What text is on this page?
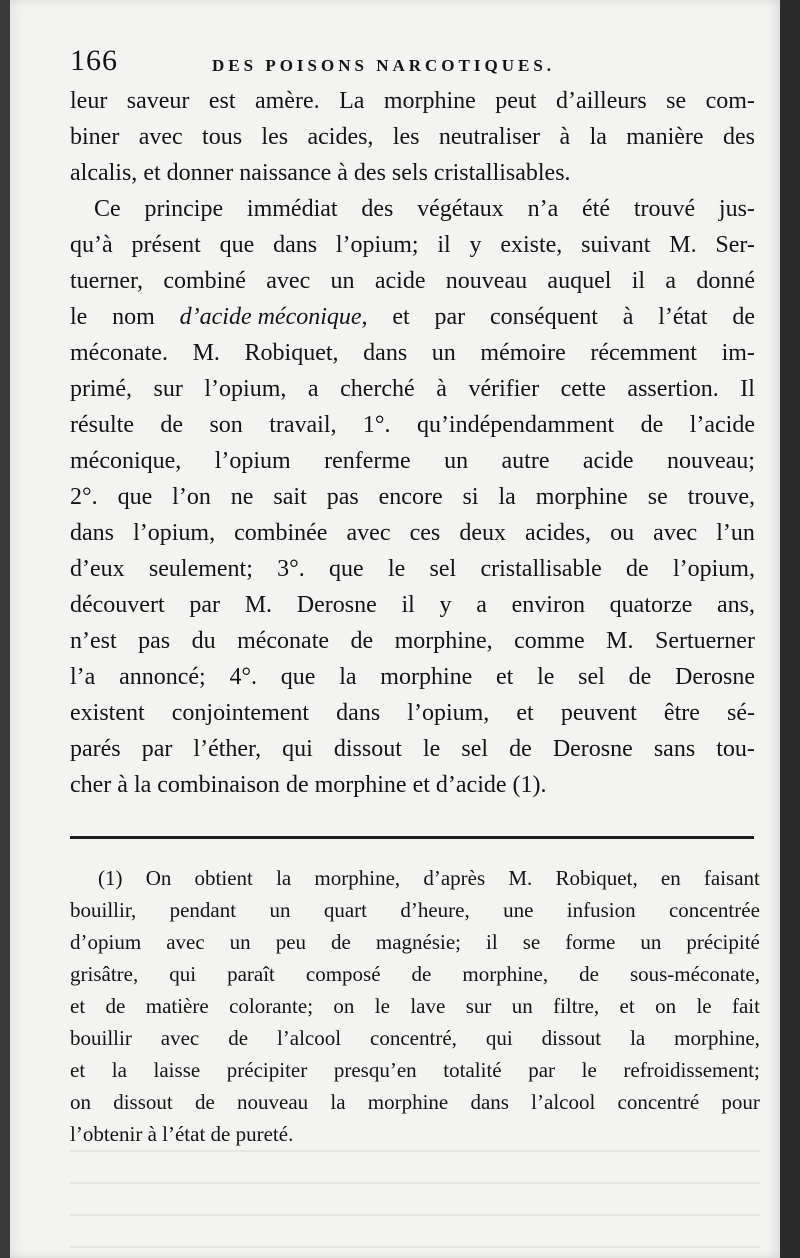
166	DES POISONS NARCOTIQUES.
leur saveur est amère. La morphine peut d’ailleurs se com-
biner avec tous les acides, les neutraliser à la manière des
alcalis,
et
donner
naissance
à
des
sels
cristallisables.
Ce principe immédiat des végétaux n’a été trouvé jus-
qu’à présent que dans l’opium; il y existe, suivant M. Ser-
tuerner, combiné avec un acide nouveau auquel il a donné
le nom d’acide méconique, et par conséquent à l’état de
méconate. M. Robiquet, dans un mémoire récemment im-
primé, sur l’opium, a cherché à vérifier cette assertion. Il
résulte de son travail, 1°. qu’indépendamment de l’acide
méconique, l’opium renferme un autre acide nouveau;
2°. que l’on ne sait pas encore si la morphine se trouve,
dans l’opium, combinée avec ces deux acides, ou avec l’un
d’eux seulement; 3°. que le sel cristallisable de l’opium,
découvert par M. Derosne il y a environ quatorze ans,
n’est pas du méconate de morphine, comme M. Sertuerner
l’a annoncé; 4°. que la morphine et le sel de Derosne
existent conjointement dans l’opium, et peuvent être sé-
parés par l’éther, qui dissout le sel de Derosne sans tou-
cher
à
la
combinaison
de
morphine
et
d’acide
(1).
(1) On obtient la morphine, d’après M. Robiquet, en faisant
bouillir, pendant un quart d’heure, une infusion concentrée
d’opium avec un peu de magnésie; il se forme un précipité
grisâtre, qui paraît composé de morphine, de sous-méconate,
et de matière colorante; on le lave sur un filtre, et on le fait
bouillir avec de l’alcool concentré, qui dissout la morphine,
et la laisse précipiter presqu’en totalité par le refroidissement;
on dissout de nouveau la morphine dans l’alcool concentré pour
l’obtenir
à
l’état
de
pureté.
